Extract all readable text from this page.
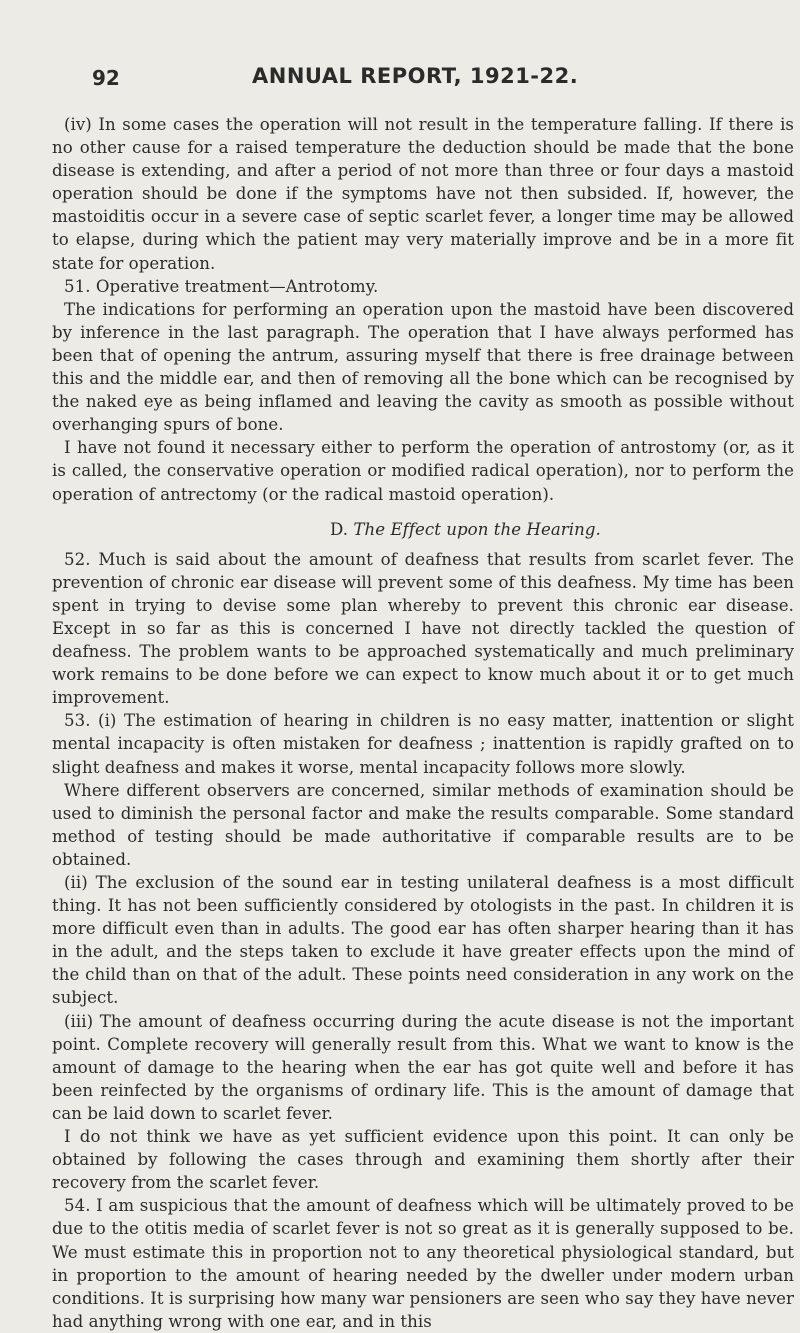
92	ANNUAL REPORT, 1921-22.

(iv) In some cases the operation will not result in the temperature falling. If there is no other cause for a raised temperature the deduction should be made that the bone disease is extending, and after a period of not more than three or four days a mastoid operation should be done if the symptoms have not then subsided. If, however, the mastoiditis occur in a severe case of septic scarlet fever, a longer time may be allowed to elapse, during which the patient may very materially improve and be in a more fit state for operation.

51. Operative treatment—Antrotomy.

The indications for performing an operation upon the mastoid have been discovered by inference in the last paragraph. The operation that I have always performed has been that of opening the antrum, assuring myself that there is free drainage between this and the middle ear, and then of removing all the bone which can be recognised by the naked eye as being inflamed and leaving the cavity as smooth as possible without overhanging spurs of bone.

I have not found it necessary either to perform the operation of antrostomy (or, as it is called, the conservative operation or modified radical operation), nor to perform the operation of antrectomy (or the radical mastoid operation).

D. The Effect upon the Hearing.

52. Much is said about the amount of deafness that results from scarlet fever. The prevention of chronic ear disease will prevent some of this deafness. My time has been spent in trying to devise some plan whereby to prevent this chronic ear disease. Except in so far as this is concerned I have not directly tackled the question of deafness. The problem wants to be approached systematically and much preliminary work remains to be done before we can expect to know much about it or to get much improvement.

53. (i) The estimation of hearing in children is no easy matter, inattention or slight mental incapacity is often mistaken for deafness ; inattention is rapidly grafted on to slight deafness and makes it worse, mental incapacity follows more slowly.

Where different observers are concerned, similar methods of examination should be used to diminish the personal factor and make the results comparable. Some standard method of testing should be made authoritative if comparable results are to be obtained.

(ii) The exclusion of the sound ear in testing unilateral deafness is a most difficult thing. It has not been sufficiently considered by otologists in the past. In children it is more difficult even than in adults. The good ear has often sharper hearing than it has in the adult, and the steps taken to exclude it have greater effects upon the mind of the child than on that of the adult. These points need consideration in any work on the subject.

(iii) The amount of deafness occurring during the acute disease is not the important point. Complete recovery will generally result from this. What we want to know is the amount of damage to the hearing when the ear has got quite well and before it has been reinfected by the organisms of ordinary life. This is the amount of damage that can be laid down to scarlet fever.

I do not think we have as yet sufficient evidence upon this point. It can only be obtained by following the cases through and examining them shortly after their recovery from the scarlet fever.

54. I am suspicious that the amount of deafness which will be ultimately proved to be due to the otitis media of scarlet fever is not so great as it is generally supposed to be. We must estimate this in proportion not to any theoretical physiological standard, but in proportion to the amount of hearing needed by the dweller under modern urban conditions. It is surprising how many war pensioners are seen who say they have never had anything wrong with one ear, and in this
